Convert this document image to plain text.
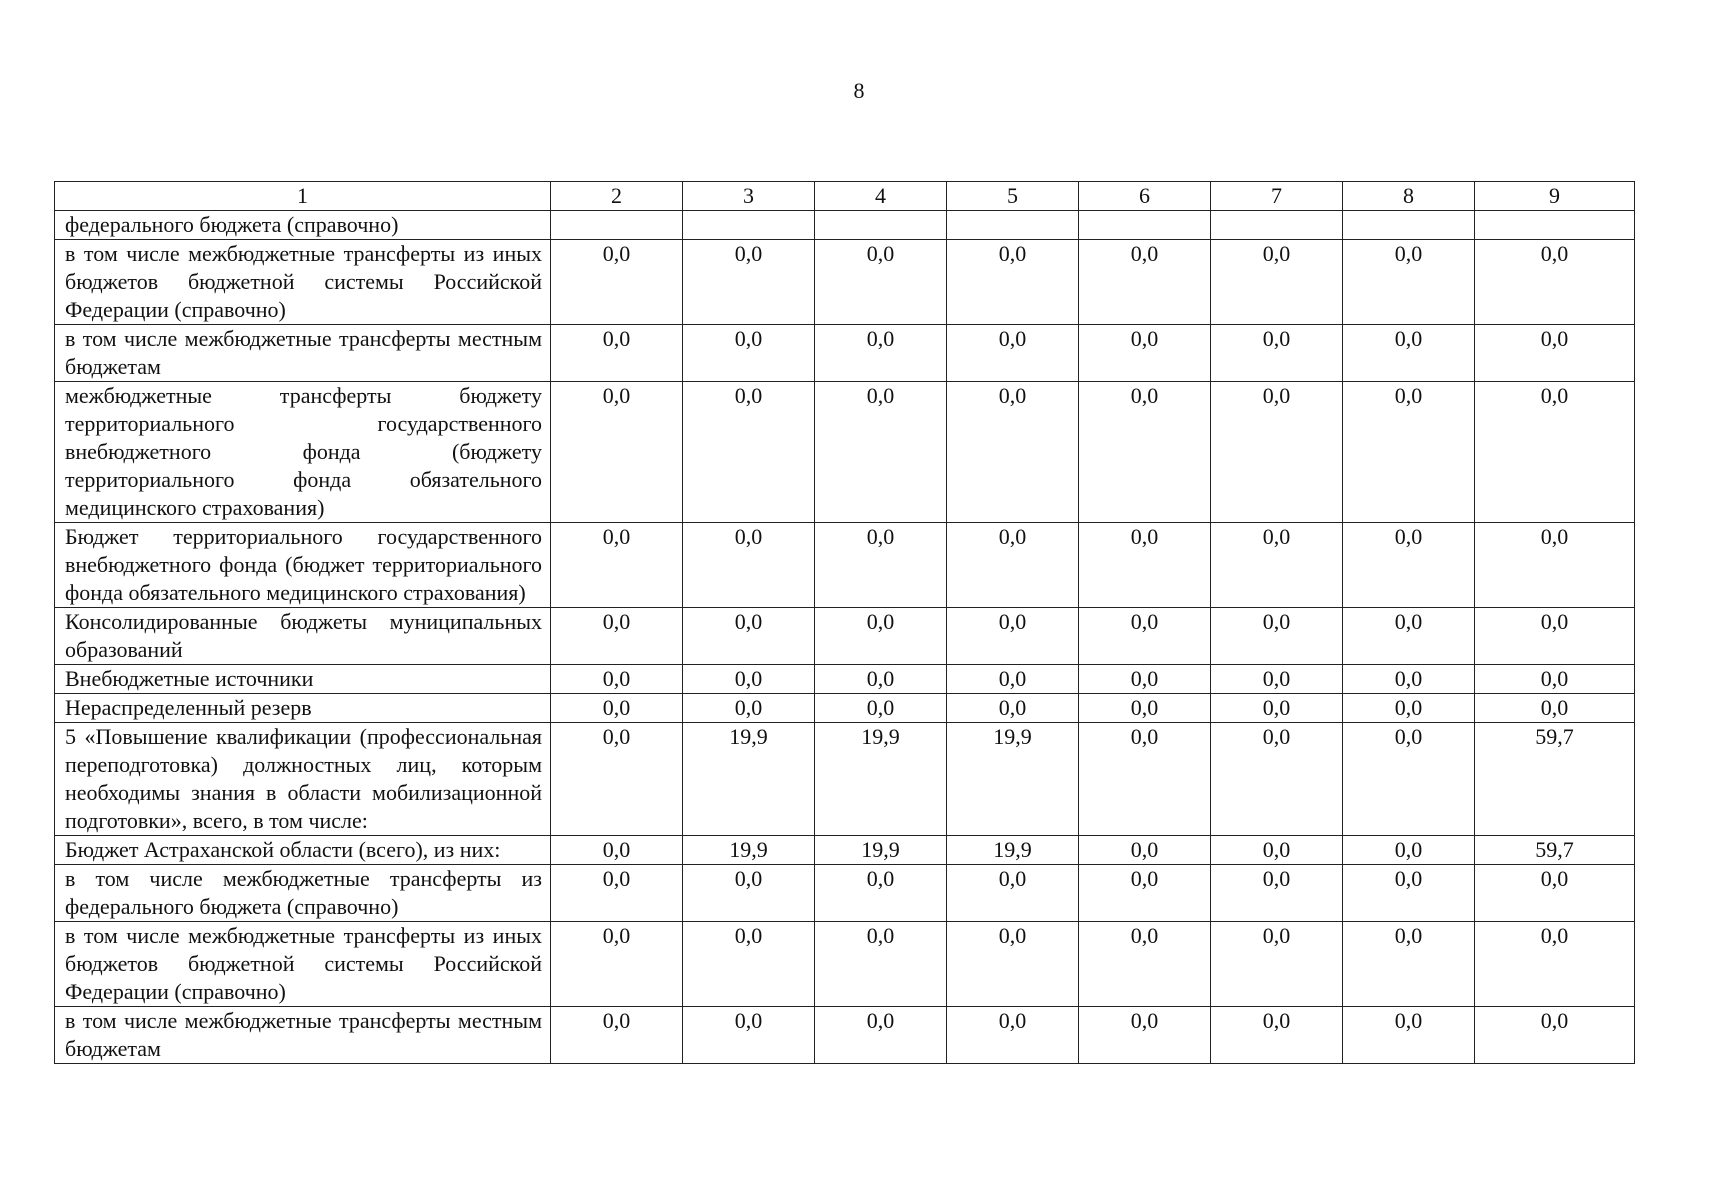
8
1	2	3	4	5	6	7	8	9
федерального бюджета (справочно)								
в том числе межбюджетные трансферты из иных бюджетов бюджетной системы Российской Федерации (справочно)	0,0	0,0	0,0	0,0	0,0	0,0	0,0	0,0
в том числе межбюджетные трансферты местным бюджетам	0,0	0,0	0,0	0,0	0,0	0,0	0,0	0,0
межбюджетные трансферты бюджету территориального государственного внебюджетного фонда (бюджету территориального фонда обязательного медицинского страхования)	0,0	0,0	0,0	0,0	0,0	0,0	0,0	0,0
Бюджет территориального государственного внебюджетного фонда (бюджет территориального фонда обязательного медицинского страхования)	0,0	0,0	0,0	0,0	0,0	0,0	0,0	0,0
Консолидированные бюджеты муниципальных образований	0,0	0,0	0,0	0,0	0,0	0,0	0,0	0,0
Внебюджетные источники	0,0	0,0	0,0	0,0	0,0	0,0	0,0	0,0
Нераспределенный резерв	0,0	0,0	0,0	0,0	0,0	0,0	0,0	0,0
5 «Повышение квалификации (профессиональная переподготовка) должностных лиц, которым необходимы знания в области мобилизационной подготовки», всего, в том числе:	0,0	19,9	19,9	19,9	0,0	0,0	0,0	59,7
Бюджет Астраханской области (всего), из них:	0,0	19,9	19,9	19,9	0,0	0,0	0,0	59,7
в том числе межбюджетные трансферты из федерального бюджета (справочно)	0,0	0,0	0,0	0,0	0,0	0,0	0,0	0,0
в том числе межбюджетные трансферты из иных бюджетов бюджетной системы Российской Федерации (справочно)	0,0	0,0	0,0	0,0	0,0	0,0	0,0	0,0
в том числе межбюджетные трансферты местным бюджетам	0,0	0,0	0,0	0,0	0,0	0,0	0,0	0,0
